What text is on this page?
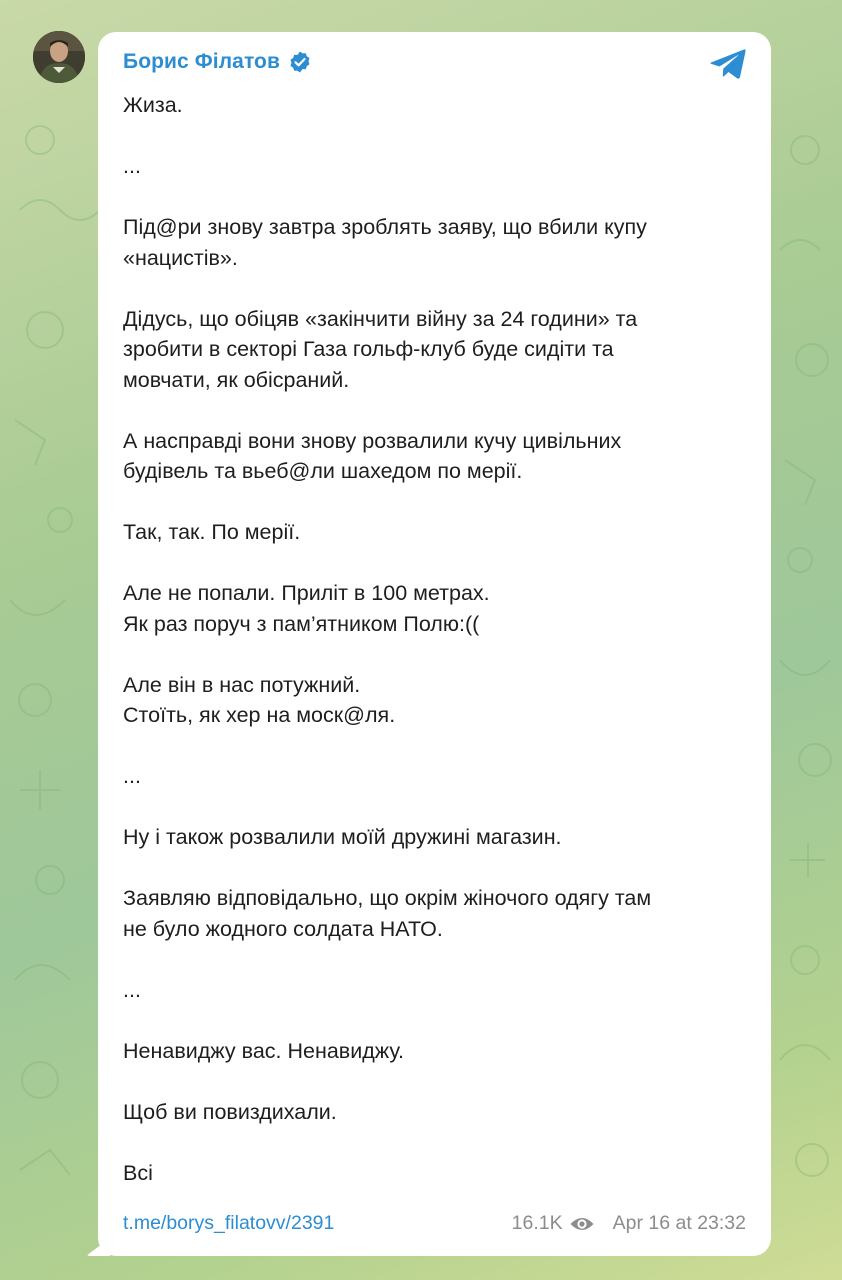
Борис Філатов
Жиза.
...
Під@ри знову завтра зроблять заяву, що вбили купу
«нацистів».
Дідусь, що обіцяв «закінчити війну за 24 години» та
зробити в секторі Газа гольф-клуб буде сидіти та
мовчати, як обісраний.
А насправді вони знову розвалили кучу цивільних
будівель та вьеб@ли шахедом по мерії.
Так, так. По мерії.
Але не попали. Приліт в 100 метрах.
Як раз поруч з пам’ятником Полю:((
Але він в нас потужний.
Стоїть, як хер на моск@ля.
...
Ну і також розвалили моїй дружині магазин.
Заявляю відповідально, що окрім жіночого одягу там
не було жодного солдата НАТО.
...
Ненавиджу вас. Ненавиджу.
Щоб ви повиздихали.
Всі
t.me/borys_filatovv/2391	16.1K	Apr 16 at 23:32
